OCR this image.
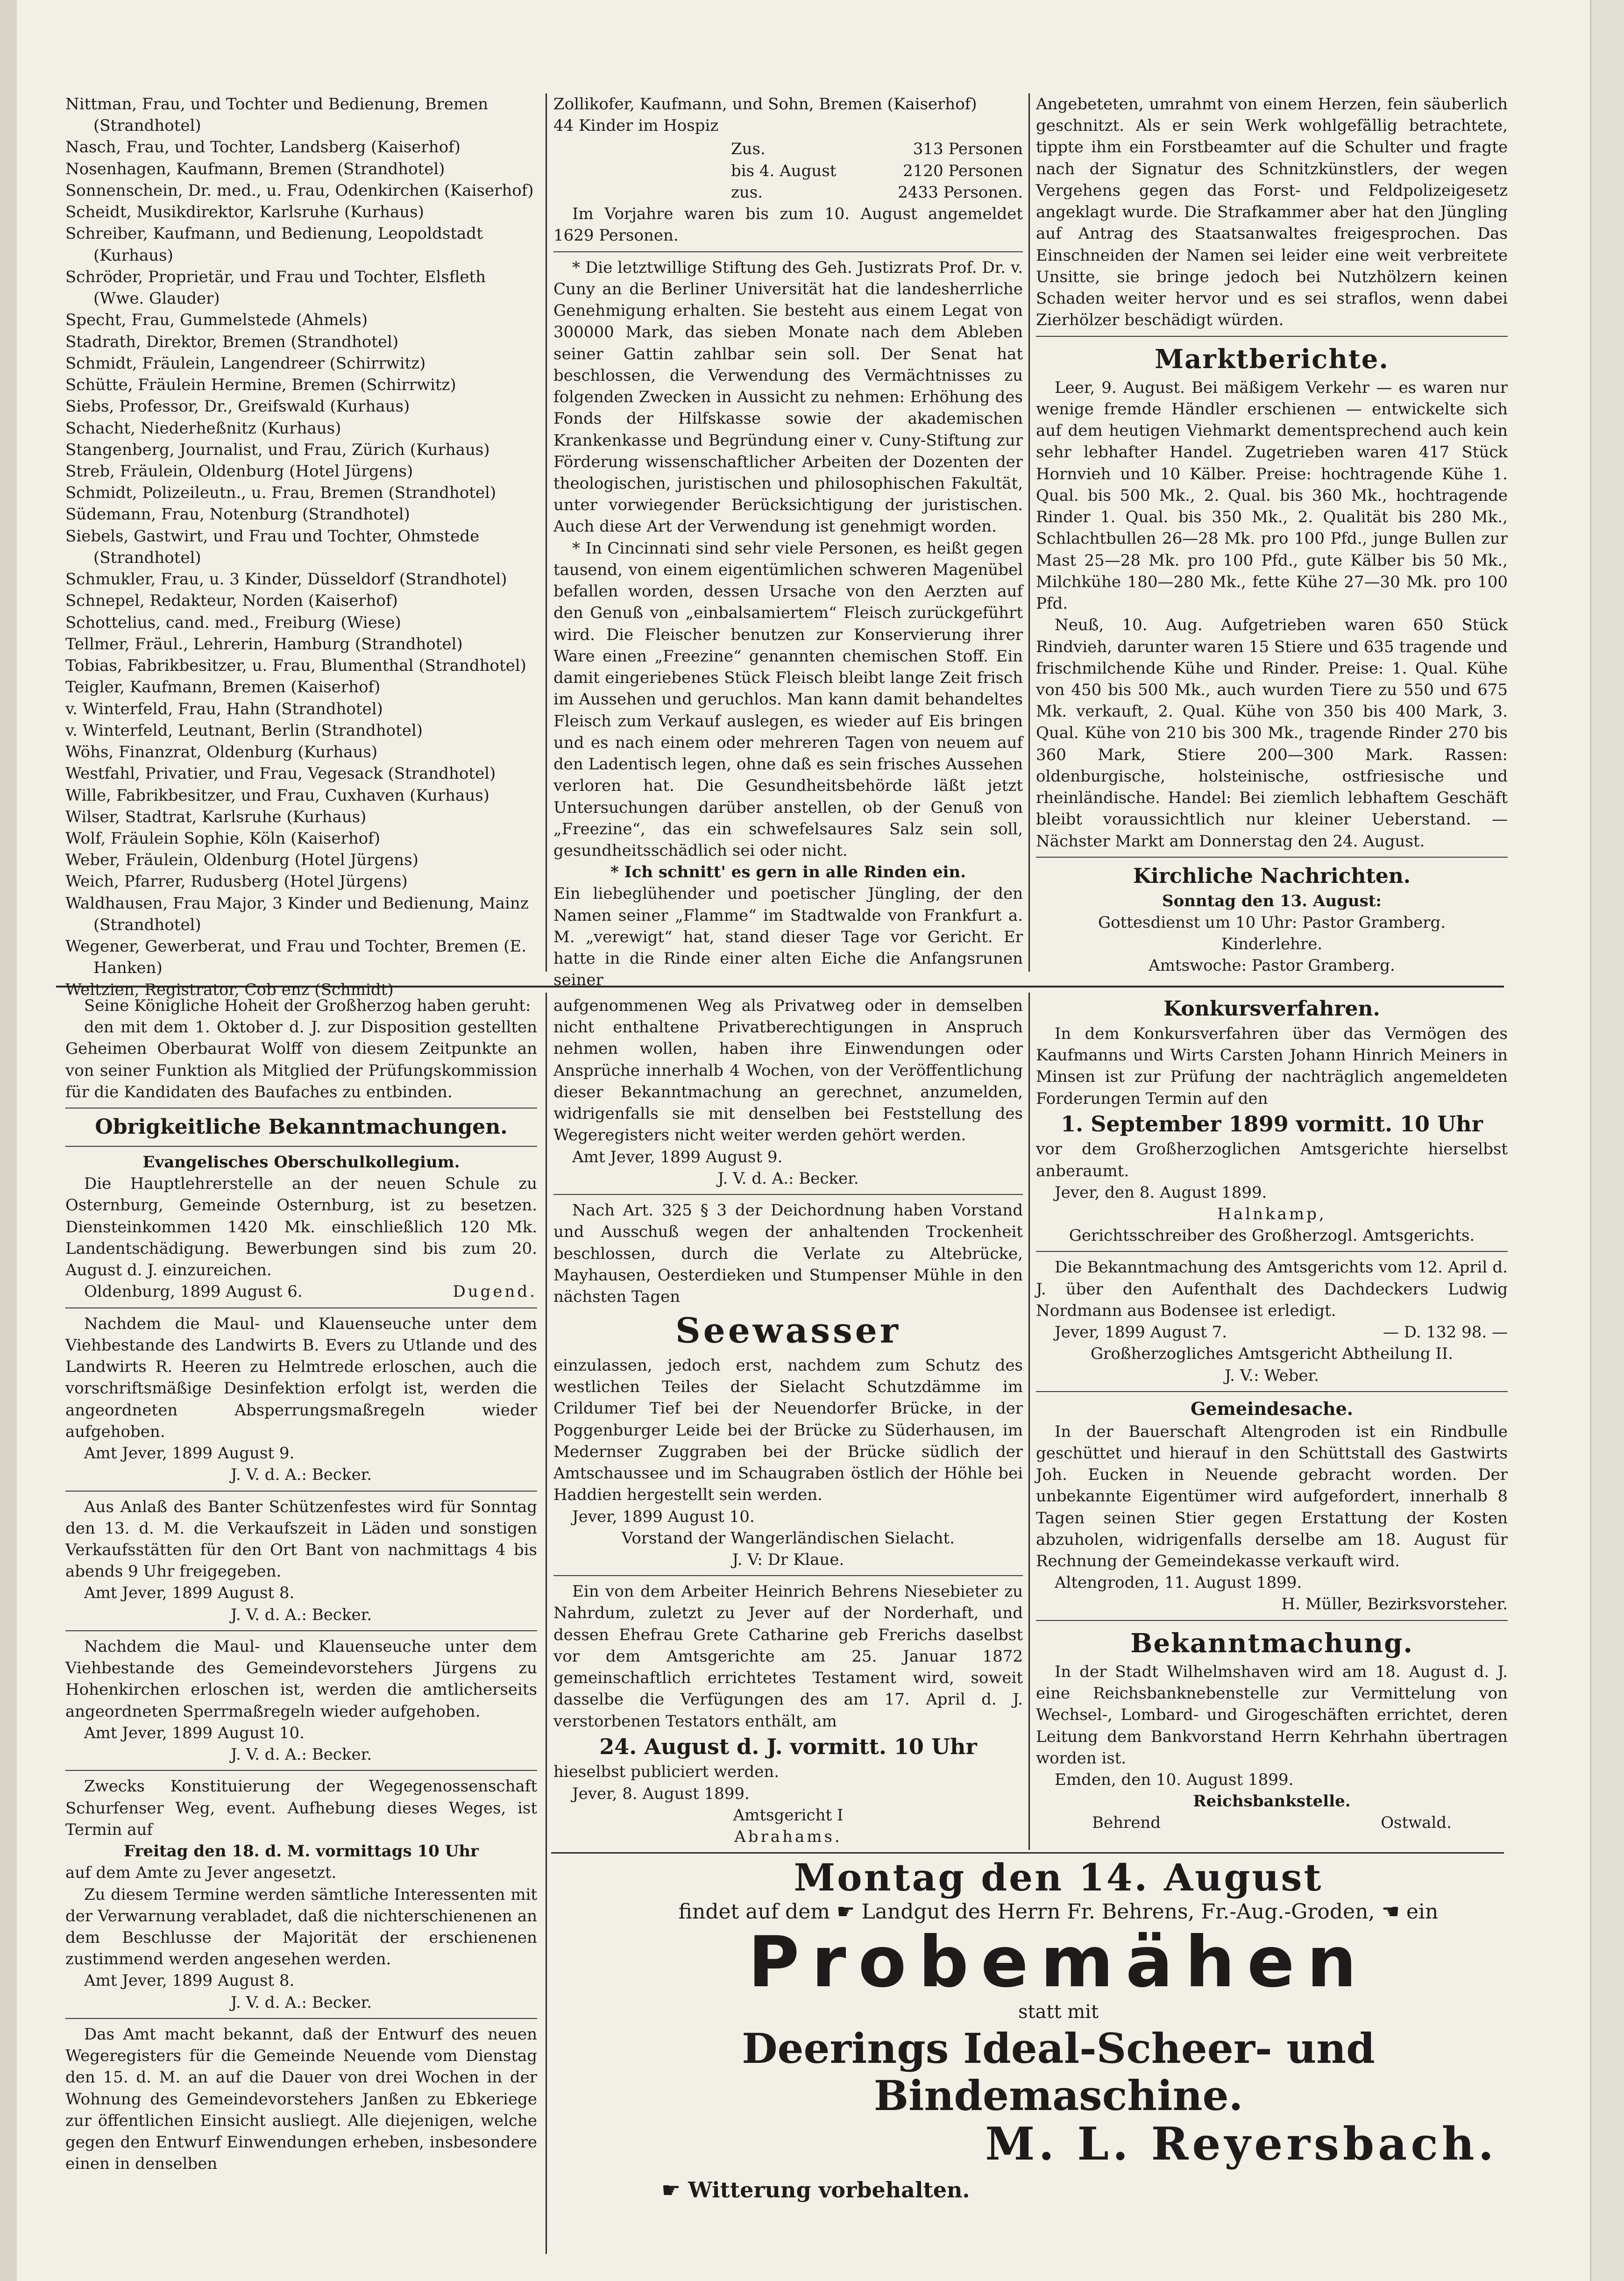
Nittman, Frau, und Tochter und Bedienung, Bremen (Strandhotel)

Nasch, Frau, und Tochter, Landsberg (Kaiserhof)

Nosenhagen, Kaufmann, Bremen (Strandhotel)

Sonnenschein, Dr. med., u. Frau, Odenkirchen (Kaiserhof)

Scheidt, Musikdirektor, Karlsruhe (Kurhaus)

Schreiber, Kaufmann, und Bedienung, Leopoldstadt (Kurhaus)

Schröder, Proprietär, und Frau und Tochter, Elsfleth (Wwe. Glauder)

Specht, Frau, Gummelstede (Ahmels)

Stadrath, Direktor, Bremen (Strandhotel)

Schmidt, Fräulein, Langendreer (Schirrwitz)

Schütte, Fräulein Hermine, Bremen (Schirrwitz)

Siebs, Professor, Dr., Greifswald (Kurhaus)

Schacht, Niederheßnitz (Kurhaus)

Stangenberg, Journalist, und Frau, Zürich (Kurhaus)

Streb, Fräulein, Oldenburg (Hotel Jürgens)

Schmidt, Polizeileutn., u. Frau, Bremen (Strandhotel)

Südemann, Frau, Notenburg (Strandhotel)

Siebels, Gastwirt, und Frau und Tochter, Ohmstede (Strandhotel)

Schmukler, Frau, u. 3 Kinder, Düsseldorf (Strandhotel)

Schnepel, Redakteur, Norden (Kaiserhof)

Schottelius, cand. med., Freiburg (Wiese)

Tellmer, Fräul., Lehrerin, Hamburg (Strandhotel)

Tobias, Fabrikbesitzer, u. Frau, Blumenthal (Strandhotel)

Teigler, Kaufmann, Bremen (Kaiserhof)

v. Winterfeld, Frau, Hahn (Strandhotel)

v. Winterfeld, Leutnant, Berlin (Strandhotel)

Wöhs, Finanzrat, Oldenburg (Kurhaus)

Westfahl, Privatier, und Frau, Vegesack (Strandhotel)

Wille, Fabrikbesitzer, und Frau, Cuxhaven (Kurhaus)

Wilser, Stadtrat, Karlsruhe (Kurhaus)

Wolf, Fräulein Sophie, Köln (Kaiserhof)

Weber, Fräulein, Oldenburg (Hotel Jürgens)

Weich, Pfarrer, Rudusberg (Hotel Jürgens)

Waldhausen, Frau Major, 3 Kinder und Bedienung, Mainz (Strandhotel)

Wegener, Gewerberat, und Frau und Tochter, Bremen (E. Hanken)

Weltzien, Registrator, Cob enz (Schmidt)

Zollikofer, Kaufmann, und Sohn, Bremen (Kaiserhof)

44 Kinder im Hospiz

Zus.	313 Personen
bis 4. August	2120 Personen
zus.	2433 Personen.

Im Vorjahre waren bis zum 10. August angemeldet 1629 Personen.

* Die letztwillige Stiftung des Geh. Justizrats Prof. Dr. v. Cuny an die Berliner Universität hat die landesherrliche Genehmigung erhalten. Sie besteht aus einem Legat von 300000 Mark, das sieben Monate nach dem Ableben seiner Gattin zahlbar sein soll. Der Senat hat beschlossen, die Verwendung des Vermächtnisses zu folgenden Zwecken in Aussicht zu nehmen: Erhöhung des Fonds der Hilfskasse sowie der akademischen Krankenkasse und Begründung einer v. Cuny-Stiftung zur Förderung wissenschaftlicher Arbeiten der Dozenten der theologischen, juristischen und philosophischen Fakultät, unter vorwiegender Berücksichtigung der juristischen. Auch diese Art der Verwendung ist genehmigt worden.

* In Cincinnati sind sehr viele Personen, es heißt gegen tausend, von einem eigentümlichen schweren Magenübel befallen worden, dessen Ursache von den Aerzten auf den Genuß von „einbalsamiertem“ Fleisch zurückgeführt wird. Die Fleischer benutzen zur Konservierung ihrer Ware einen „Freezine“ genannten chemischen Stoff. Ein damit eingeriebenes Stück Fleisch bleibt lange Zeit frisch im Aussehen und geruchlos. Man kann damit behandeltes Fleisch zum Verkauf auslegen, es wieder auf Eis bringen und es nach einem oder mehreren Tagen von neuem auf den Ladentisch legen, ohne daß es sein frisches Aussehen verloren hat. Die Gesundheitsbehörde läßt jetzt Untersuchungen darüber anstellen, ob der Genuß von „Freezine“, das ein schwefelsaures Salz sein soll, gesundheitsschädlich sei oder nicht.

* Ich schnitt' es gern in alle Rinden ein.

Ein liebeglühender und poetischer Jüngling, der den Namen seiner „Flamme“ im Stadtwalde von Frankfurt a. M. „verewigt“ hat, stand dieser Tage vor Gericht. Er hatte in die Rinde einer alten Eiche die Anfangsrunen seiner

Angebeteten, umrahmt von einem Herzen, fein säuberlich geschnitzt. Als er sein Werk wohlgefällig betrachtete, tippte ihm ein Forstbeamter auf die Schulter und fragte nach der Signatur des Schnitzkünstlers, der wegen Vergehens gegen das Forst- und Feldpolizeigesetz angeklagt wurde. Die Strafkammer aber hat den Jüngling auf Antrag des Staatsanwaltes freigesprochen. Das Einschneiden der Namen sei leider eine weit verbreitete Unsitte, sie bringe jedoch bei Nutzhölzern keinen Schaden weiter hervor und es sei straflos, wenn dabei Zierhölzer beschädigt würden.

Marktberichte.

Leer, 9. August. Bei mäßigem Verkehr — es waren nur wenige fremde Händler erschienen — entwickelte sich auf dem heutigen Viehmarkt dementsprechend auch kein sehr lebhafter Handel. Zugetrieben waren 417 Stück Hornvieh und 10 Kälber. Preise: hochtragende Kühe 1. Qual. bis 500 Mk., 2. Qual. bis 360 Mk., hochtragende Rinder 1. Qual. bis 350 Mk., 2. Qualität bis 280 Mk., Schlachtbullen 26—28 Mk. pro 100 Pfd., junge Bullen zur Mast 25—28 Mk. pro 100 Pfd., gute Kälber bis 50 Mk., Milchkühe 180—280 Mk., fette Kühe 27—30 Mk. pro 100 Pfd.

Neuß, 10. Aug. Aufgetrieben waren 650 Stück Rindvieh, darunter waren 15 Stiere und 635 tragende und frischmilchende Kühe und Rinder. Preise: 1. Qual. Kühe von 450 bis 500 Mk., auch wurden Tiere zu 550 und 675 Mk. verkauft, 2. Qual. Kühe von 350 bis 400 Mark, 3. Qual. Kühe von 210 bis 300 Mk., tragende Rinder 270 bis 360 Mark, Stiere 200—300 Mark. Rassen: oldenburgische, holsteinische, ostfriesische und rheinländische. Handel: Bei ziemlich lebhaftem Geschäft bleibt voraussichtlich nur kleiner Ueberstand. — Nächster Markt am Donnerstag den 24. August.

Kirchliche Nachrichten.

Sonntag den 13. August:

Gottesdienst um 10 Uhr: Pastor Gramberg.

Kinderlehre.

Amtswoche: Pastor Gramberg.

Seine Königliche Hoheit der Großherzog haben geruht:

den mit dem 1. Oktober d. J. zur Disposition gestellten Geheimen Oberbaurat Wolff von diesem Zeitpunkte an von seiner Funktion als Mitglied der Prüfungskommission für die Kandidaten des Baufaches zu entbinden.

Obrigkeitliche Bekanntmachungen.

Evangelisches Oberschulkollegium.

Die Hauptlehrerstelle an der neuen Schule zu Osternburg, Gemeinde Osternburg, ist zu besetzen. Diensteinkommen 1420 Mk. einschließlich 120 Mk. Landentschädigung. Bewerbungen sind bis zum 20. August d. J. einzureichen.

Oldenburg, 1899 August 6.	Dugend.

Nachdem die Maul- und Klauenseuche unter dem Viehbestande des Landwirts B. Evers zu Utlande und des Landwirts R. Heeren zu Helmtrede erloschen, auch die vorschriftsmäßige Desinfektion erfolgt ist, werden die angeordneten Absperrungsmaßregeln wieder aufgehoben.

Amt Jever, 1899 August 9.

J. V. d. A.: Becker.

Aus Anlaß des Banter Schützenfestes wird für Sonntag den 13. d. M. die Verkaufszeit in Läden und sonstigen Verkaufsstätten für den Ort Bant von nachmittags 4 bis abends 9 Uhr freigegeben.

Amt Jever, 1899 August 8.

J. V. d. A.: Becker.

Nachdem die Maul- und Klauenseuche unter dem Viehbestande des Gemeindevorstehers Jürgens zu Hohenkirchen erloschen ist, werden die amtlicherseits angeordneten Sperrmaßregeln wieder aufgehoben.

Amt Jever, 1899 August 10.

J. V. d. A.: Becker.

Zwecks Konstituierung der Wegegenossenschaft Schurfenser Weg, event. Aufhebung dieses Weges, ist Termin auf

Freitag den 18. d. M. vormittags 10 Uhr

auf dem Amte zu Jever angesetzt.

Zu diesem Termine werden sämtliche Interessenten mit der Verwarnung verabladet, daß die nichterschienenen an dem Beschlusse der Majorität der erschienenen zustimmend werden angesehen werden.

Amt Jever, 1899 August 8.

J. V. d. A.: Becker.

Das Amt macht bekannt, daß der Entwurf des neuen Wegeregisters für die Gemeinde Neuende vom Dienstag den 15. d. M. an auf die Dauer von drei Wochen in der Wohnung des Gemeindevorstehers Janßen zu Ebkeriege zur öffentlichen Einsicht ausliegt. Alle diejenigen, welche gegen den Entwurf Einwendungen erheben, insbesondere einen in denselben

aufgenommenen Weg als Privatweg oder in demselben nicht enthaltene Privatberechtigungen in Anspruch nehmen wollen, haben ihre Einwendungen oder Ansprüche innerhalb 4 Wochen, von der Veröffentlichung dieser Bekanntmachung an gerechnet, anzumelden, widrigenfalls sie mit denselben bei Feststellung des Wegeregisters nicht weiter werden gehört werden.

Amt Jever, 1899 August 9.

J. V. d. A.: Becker.

Nach Art. 325 § 3 der Deichordnung haben Vorstand und Ausschuß wegen der anhaltenden Trockenheit beschlossen, durch die Verlate zu Altebrücke, Mayhausen, Oesterdieken und Stumpenser Mühle in den nächsten Tagen

Seewasser

einzulassen, jedoch erst, nachdem zum Schutz des westlichen Teiles der Sielacht Schutzdämme im Crildumer Tief bei der Neuendorfer Brücke, in der Poggenburger Leide bei der Brücke zu Süderhausen, im Medernser Zuggraben bei der Brücke südlich der Amtschaussee und im Schaugraben östlich der Höhle bei Haddien hergestellt sein werden.

Jever, 1899 August 10.

Vorstand der Wangerländischen Sielacht.

J. V: Dr Klaue.

Ein von dem Arbeiter Heinrich Behrens Niesebieter zu Nahrdum, zuletzt zu Jever auf der Norderhaft, und dessen Ehefrau Grete Catharine geb Frerichs daselbst vor dem Amtsgerichte am 25. Januar 1872 gemeinschaftlich errichtetes Testament wird, soweit dasselbe die Verfügungen des am 17. April d. J. verstorbenen Testators enthält, am

24. August d. J. vormitt. 10 Uhr

hieselbst publiciert werden.

Jever, 8. August 1899.

Amtsgericht I

Abrahams.

Konkursverfahren.

In dem Konkursverfahren über das Vermögen des Kaufmanns und Wirts Carsten Johann Hinrich Meiners in Minsen ist zur Prüfung der nachträglich angemeldeten Forderungen Termin auf den

1. September 1899 vormitt. 10 Uhr

vor dem Großherzoglichen Amtsgerichte hierselbst anberaumt.

Jever, den 8. August 1899.

Halnkamp,

Gerichtsschreiber des Großherzogl. Amtsgerichts.

Die Bekanntmachung des Amtsgerichts vom 12. April d. J. über den Aufenthalt des Dachdeckers Ludwig Nordmann aus Bodensee ist erledigt.

Jever, 1899 August 7.	— D. 132 98. —

Großherzogliches Amtsgericht Abtheilung II.

J. V.: Weber.

Gemeindesache.

In der Bauerschaft Altengroden ist ein Rindbulle geschüttet und hierauf in den Schüttstall des Gastwirts Joh. Eucken in Neuende gebracht worden. Der unbekannte Eigentümer wird aufgefordert, innerhalb 8 Tagen seinen Stier gegen Erstattung der Kosten abzuholen, widrigenfalls derselbe am 18. August für Rechnung der Gemeindekasse verkauft wird.

Altengroden, 11. August 1899.

H. Müller, Bezirksvorsteher.

Bekanntmachung.

In der Stadt Wilhelmshaven wird am 18. August d. J. eine Reichsbanknebenstelle zur Vermittelung von Wechsel-, Lombard- und Girogeschäften errichtet, deren Leitung dem Bankvorstand Herrn Kehrhahn übertragen worden ist.

Emden, den 10. August 1899.

Reichsbankstelle.

Behrend	Ostwald.
Montag den 14. August
findet auf dem ☛ Landgut des Herrn Fr. Behrens, Fr.-Aug.-Groden, ☚ ein
Probemähen
statt mit
Deerings Ideal-Scheer- und Bindemaschine.
M. L. Reyersbach.
☛ Witterung vorbehalten.
